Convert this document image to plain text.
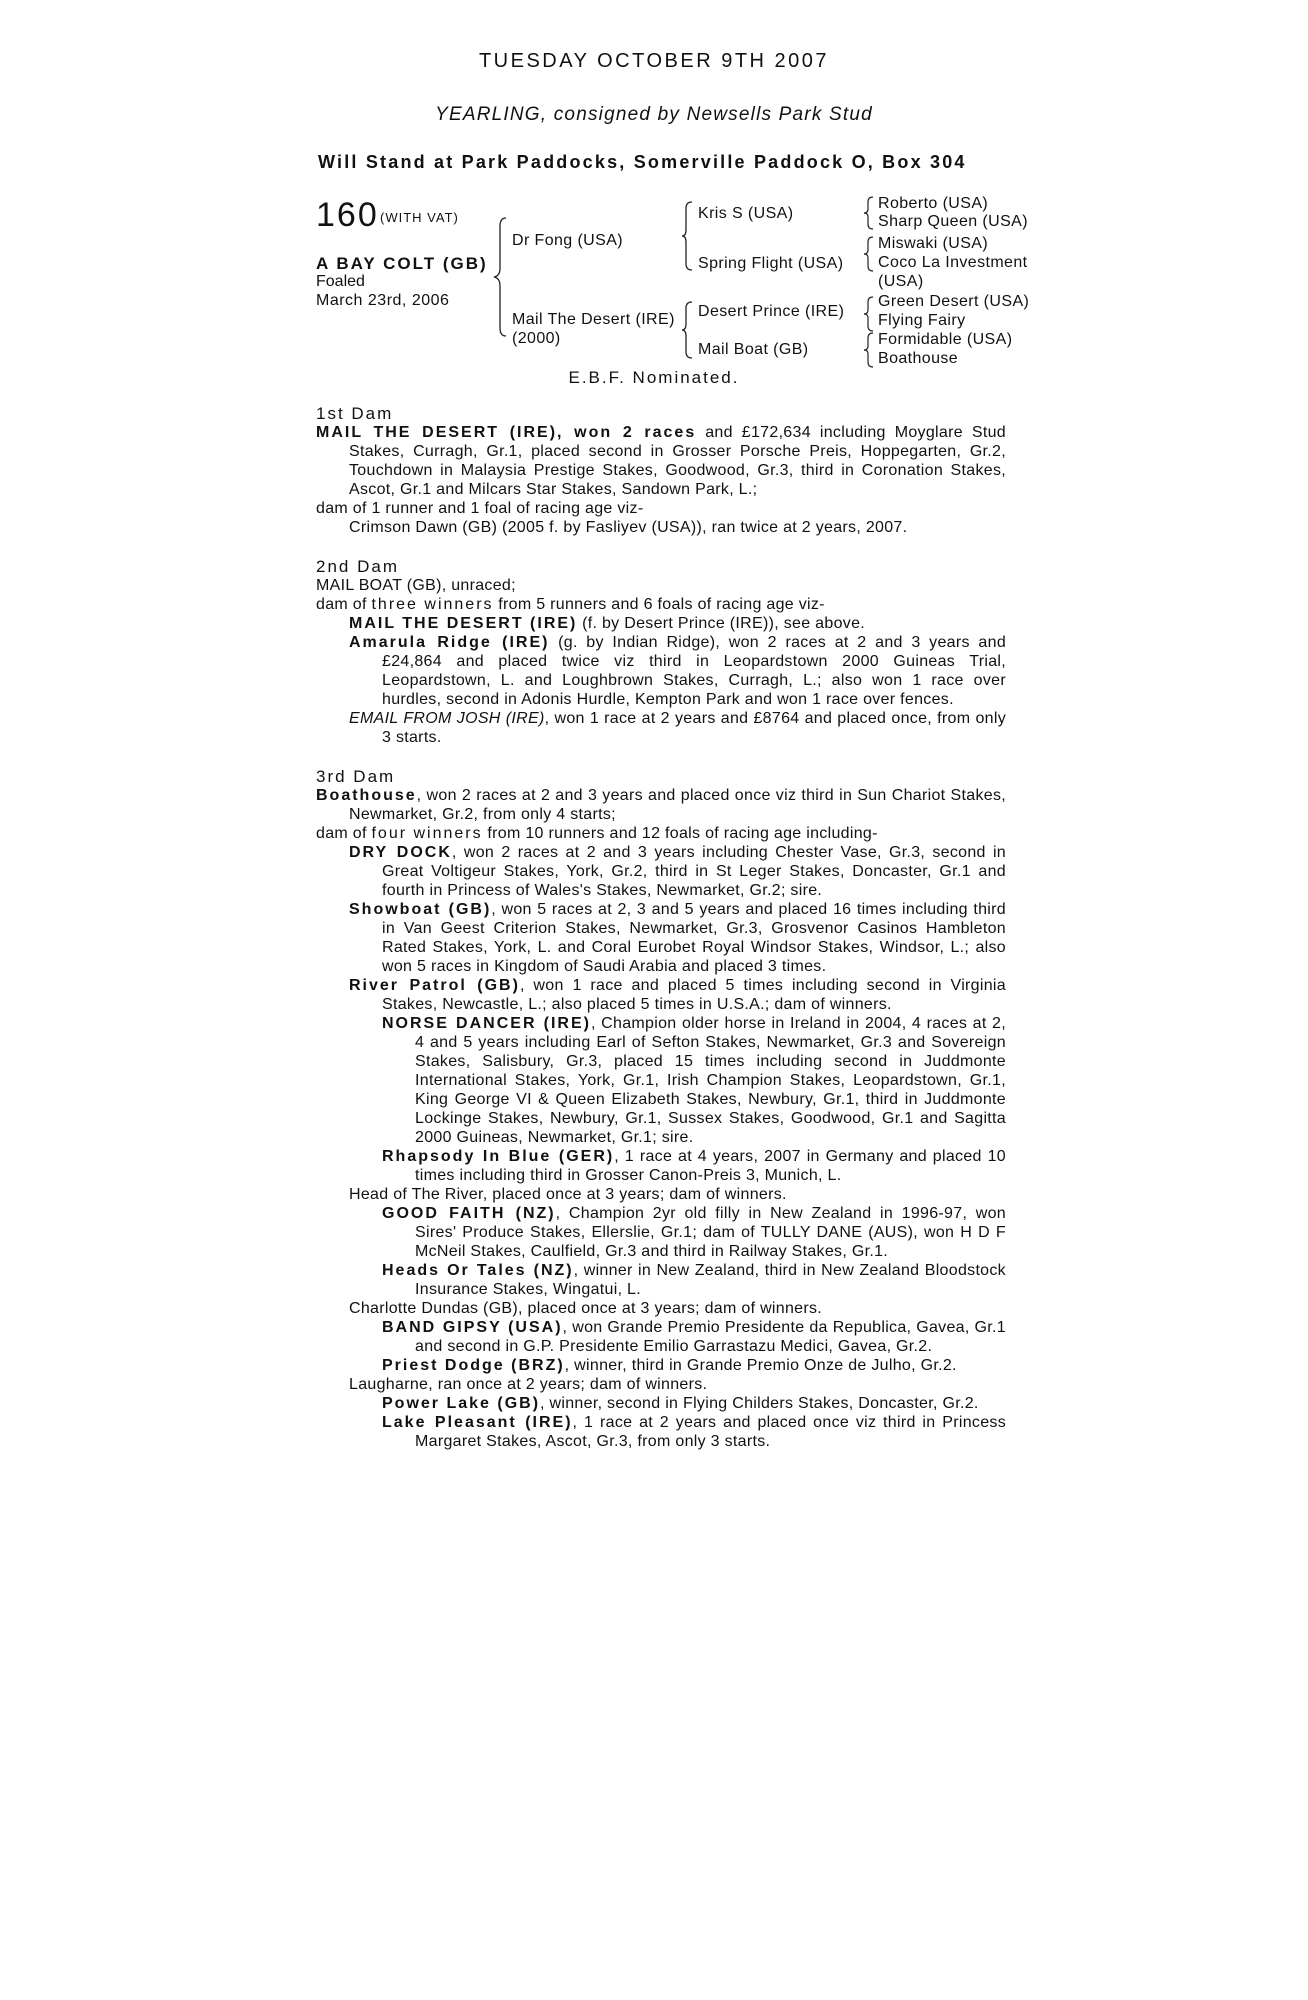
TUESDAY OCTOBER 9TH 2007
YEARLING, consigned by Newsells Park Stud
Will Stand at Park Paddocks, Somerville Paddock O, Box 304
160 (WITH VAT)
A BAY COLT (GB)
Foaled
March 23rd, 2006
Dr Fong (USA)
Mail The Desert (IRE)
(2000)
Kris S (USA)
Spring Flight (USA)
Desert Prince (IRE)
Mail Boat (GB)
Roberto (USA)
Sharp Queen (USA)
Miswaki (USA)
Coco La Investment
(USA)
Green Desert (USA)
Flying Fairy
Formidable (USA)
Boathouse
E.B.F. Nominated.
1st Dam

MAIL THE DESERT (IRE), won 2 races and £172,634 including Moyglare Stud Stakes, Curragh, Gr.1, placed second in Grosser Porsche Preis, Hoppegarten, Gr.2, Touchdown in Malaysia Prestige Stakes, Goodwood, Gr.3, third in Coronation Stakes, Ascot, Gr.1 and Milcars Star Stakes, Sandown Park, L.;

dam of 1 runner and 1 foal of racing age viz-

Crimson Dawn (GB) (2005 f. by Fasliyev (USA)), ran twice at 2 years, 2007.

2nd Dam

MAIL BOAT (GB), unraced;

dam of three winners from 5 runners and 6 foals of racing age viz-

MAIL THE DESERT (IRE) (f. by Desert Prince (IRE)), see above.

Amarula Ridge (IRE) (g. by Indian Ridge), won 2 races at 2 and 3 years and £24,864 and placed twice viz third in Leopardstown 2000 Guineas Trial, Leopardstown, L. and Loughbrown Stakes, Curragh, L.; also won 1 race over hurdles, second in Adonis Hurdle, Kempton Park and won 1 race over fences.

EMAIL FROM JOSH (IRE), won 1 race at 2 years and £8764 and placed once, from only 3 starts.

3rd Dam

Boathouse, won 2 races at 2 and 3 years and placed once viz third in Sun Chariot Stakes, Newmarket, Gr.2, from only 4 starts;

dam of four winners from 10 runners and 12 foals of racing age including-

DRY DOCK, won 2 races at 2 and 3 years including Chester Vase, Gr.3, second in Great Voltigeur Stakes, York, Gr.2, third in St Leger Stakes, Doncaster, Gr.1 and fourth in Princess of Wales's Stakes, Newmarket, Gr.2; sire.

Showboat (GB), won 5 races at 2, 3 and 5 years and placed 16 times including third in Van Geest Criterion Stakes, Newmarket, Gr.3, Grosvenor Casinos Hambleton Rated Stakes, York, L. and Coral Eurobet Royal Windsor Stakes, Windsor, L.; also won 5 races in Kingdom of Saudi Arabia and placed 3 times.

River Patrol (GB), won 1 race and placed 5 times including second in Virginia Stakes, Newcastle, L.; also placed 5 times in U.S.A.; dam of winners.

NORSE DANCER (IRE), Champion older horse in Ireland in 2004, 4 races at 2, 4 and 5 years including Earl of Sefton Stakes, Newmarket, Gr.3 and Sovereign Stakes, Salisbury, Gr.3, placed 15 times including second in Juddmonte International Stakes, York, Gr.1, Irish Champion Stakes, Leopardstown, Gr.1, King George VI & Queen Elizabeth Stakes, Newbury, Gr.1, third in Juddmonte Lockinge Stakes, Newbury, Gr.1, Sussex Stakes, Goodwood, Gr.1 and Sagitta 2000 Guineas, Newmarket, Gr.1; sire.

Rhapsody In Blue (GER), 1 race at 4 years, 2007 in Germany and placed 10 times including third in Grosser Canon-Preis 3, Munich, L.

Head of The River, placed once at 3 years; dam of winners.

GOOD FAITH (NZ), Champion 2yr old filly in New Zealand in 1996-97, won Sires' Produce Stakes, Ellerslie, Gr.1; dam of TULLY DANE (AUS), won H D F McNeil Stakes, Caulfield, Gr.3 and third in Railway Stakes, Gr.1.

Heads Or Tales (NZ), winner in New Zealand, third in New Zealand Bloodstock Insurance Stakes, Wingatui, L.

Charlotte Dundas (GB), placed once at 3 years; dam of winners.

BAND GIPSY (USA), won Grande Premio Presidente da Republica, Gavea, Gr.1 and second in G.P. Presidente Emilio Garrastazu Medici, Gavea, Gr.2.

Priest Dodge (BRZ), winner, third in Grande Premio Onze de Julho, Gr.2.

Laugharne, ran once at 2 years; dam of winners.

Power Lake (GB), winner, second in Flying Childers Stakes, Doncaster, Gr.2.

Lake Pleasant (IRE), 1 race at 2 years and placed once viz third in Princess Margaret Stakes, Ascot, Gr.3, from only 3 starts.
